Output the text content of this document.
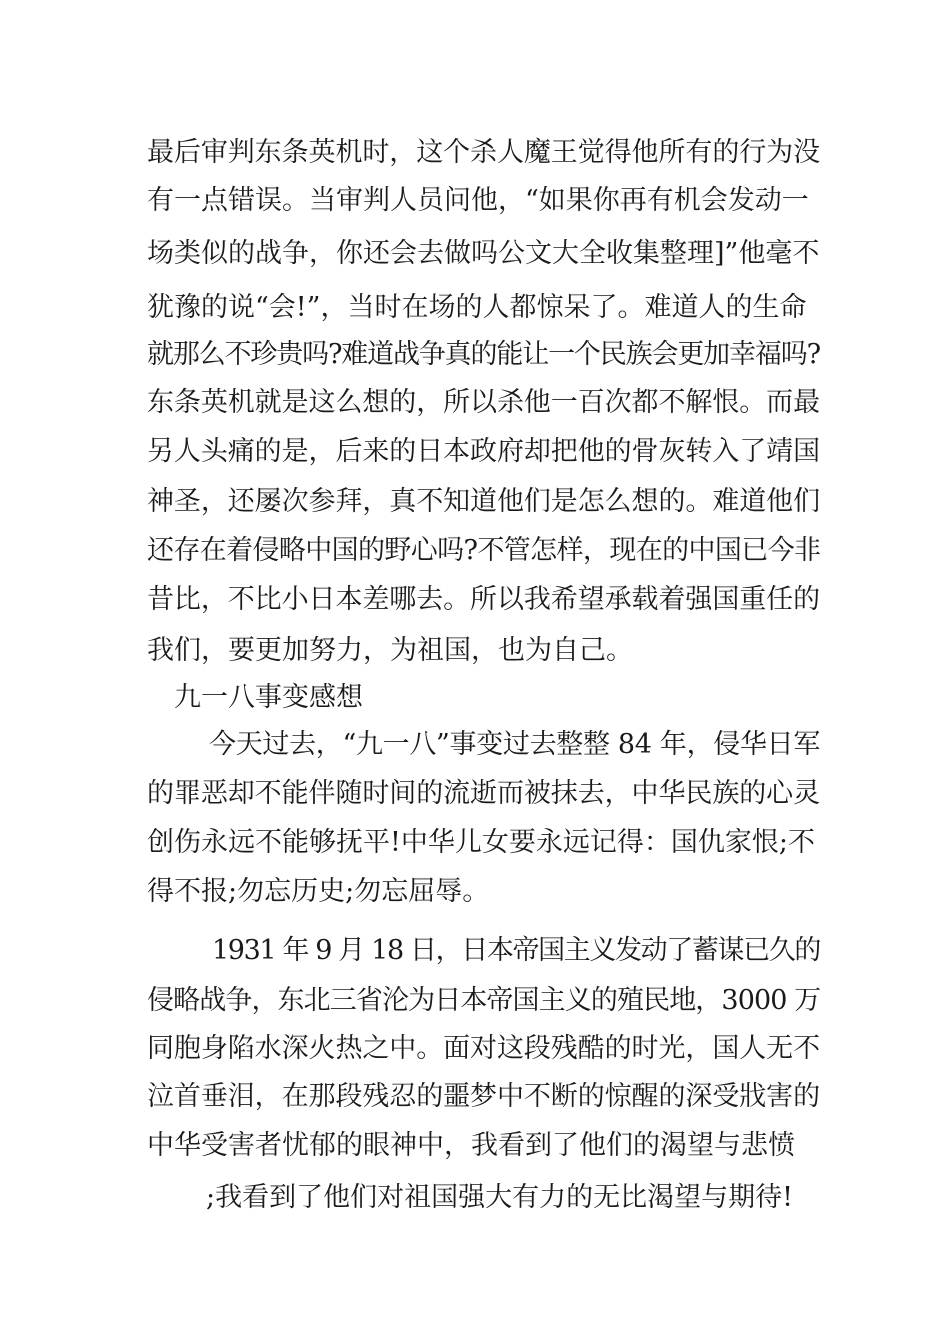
最后审判东条英机时，这个杀人魔王觉得他所有的行为没
有一点错误。当审判人员问他，“如果你再有机会发动一
场类似的战争，你还会去做吗公文大全收集整理]”他毫不
犹豫的说“会!”，当时在场的人都惊呆了。难道人的生命
就那么不珍贵吗?难道战争真的能让一个民族会更加幸福吗?
东条英机就是这么想的，所以杀他一百次都不解恨。而最
另人头痛的是，后来的日本政府却把他的骨灰转入了靖国
神圣，还屡次参拜，真不知道他们是怎么想的。难道他们
还存在着侵略中国的野心吗?不管怎样，现在的中国已今非
昔比，不比小日本差哪去。所以我希望承载着强国重任的
我们，要更加努力，为祖国，也为自己。
九一八事变感想
今天过去，“九一八”事变过去整整 84 年，侵华日军
的罪恶却不能伴随时间的流逝而被抹去，中华民族的心灵
创伤永远不能够抚平!中华儿女要永远记得：国仇家恨;不
得不报;勿忘历史;勿忘屈辱。
1931 年 9 月 18 日，日本帝国主义发动了蓄谋已久的
侵略战争，东北三省沦为日本帝国主义的殖民地，3000 万
同胞身陷水深火热之中。面对这段残酷的时光，国人无不
泣首垂泪，在那段残忍的噩梦中不断的惊醒的深受戕害的
中华受害者忧郁的眼神中，我看到了他们的渴望与悲愤
;我看到了他们对祖国强大有力的无比渴望与期待!
